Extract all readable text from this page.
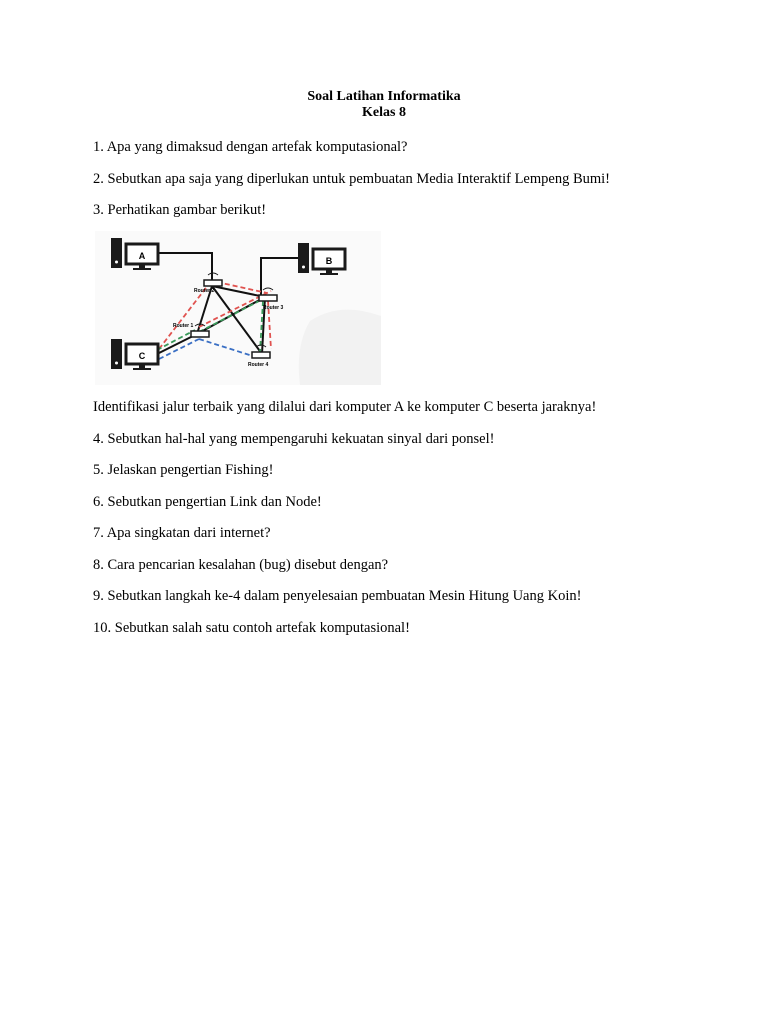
Soal Latihan Informatika
Kelas 8
1. Apa yang dimaksud dengan artefak komputasional?
2. Sebutkan apa saja yang diperlukan untuk pembuatan Media Interaktif Lempeng Bumi!
3. Perhatikan gambar berikut!
A	B
C
Router 2
Router 3
Router 1
Router 4
Identifikasi jalur terbaik yang dilalui dari komputer A ke komputer C beserta jaraknya!
4. Sebutkan hal-hal yang mempengaruhi kekuatan sinyal dari ponsel!
5. Jelaskan pengertian Fishing!
6. Sebutkan pengertian Link dan Node!
7. Apa singkatan dari internet?
8. Cara pencarian kesalahan (bug) disebut dengan?
9. Sebutkan langkah ke-4 dalam penyelesaian pembuatan Mesin Hitung Uang Koin!
10. Sebutkan salah satu contoh artefak komputasional!
